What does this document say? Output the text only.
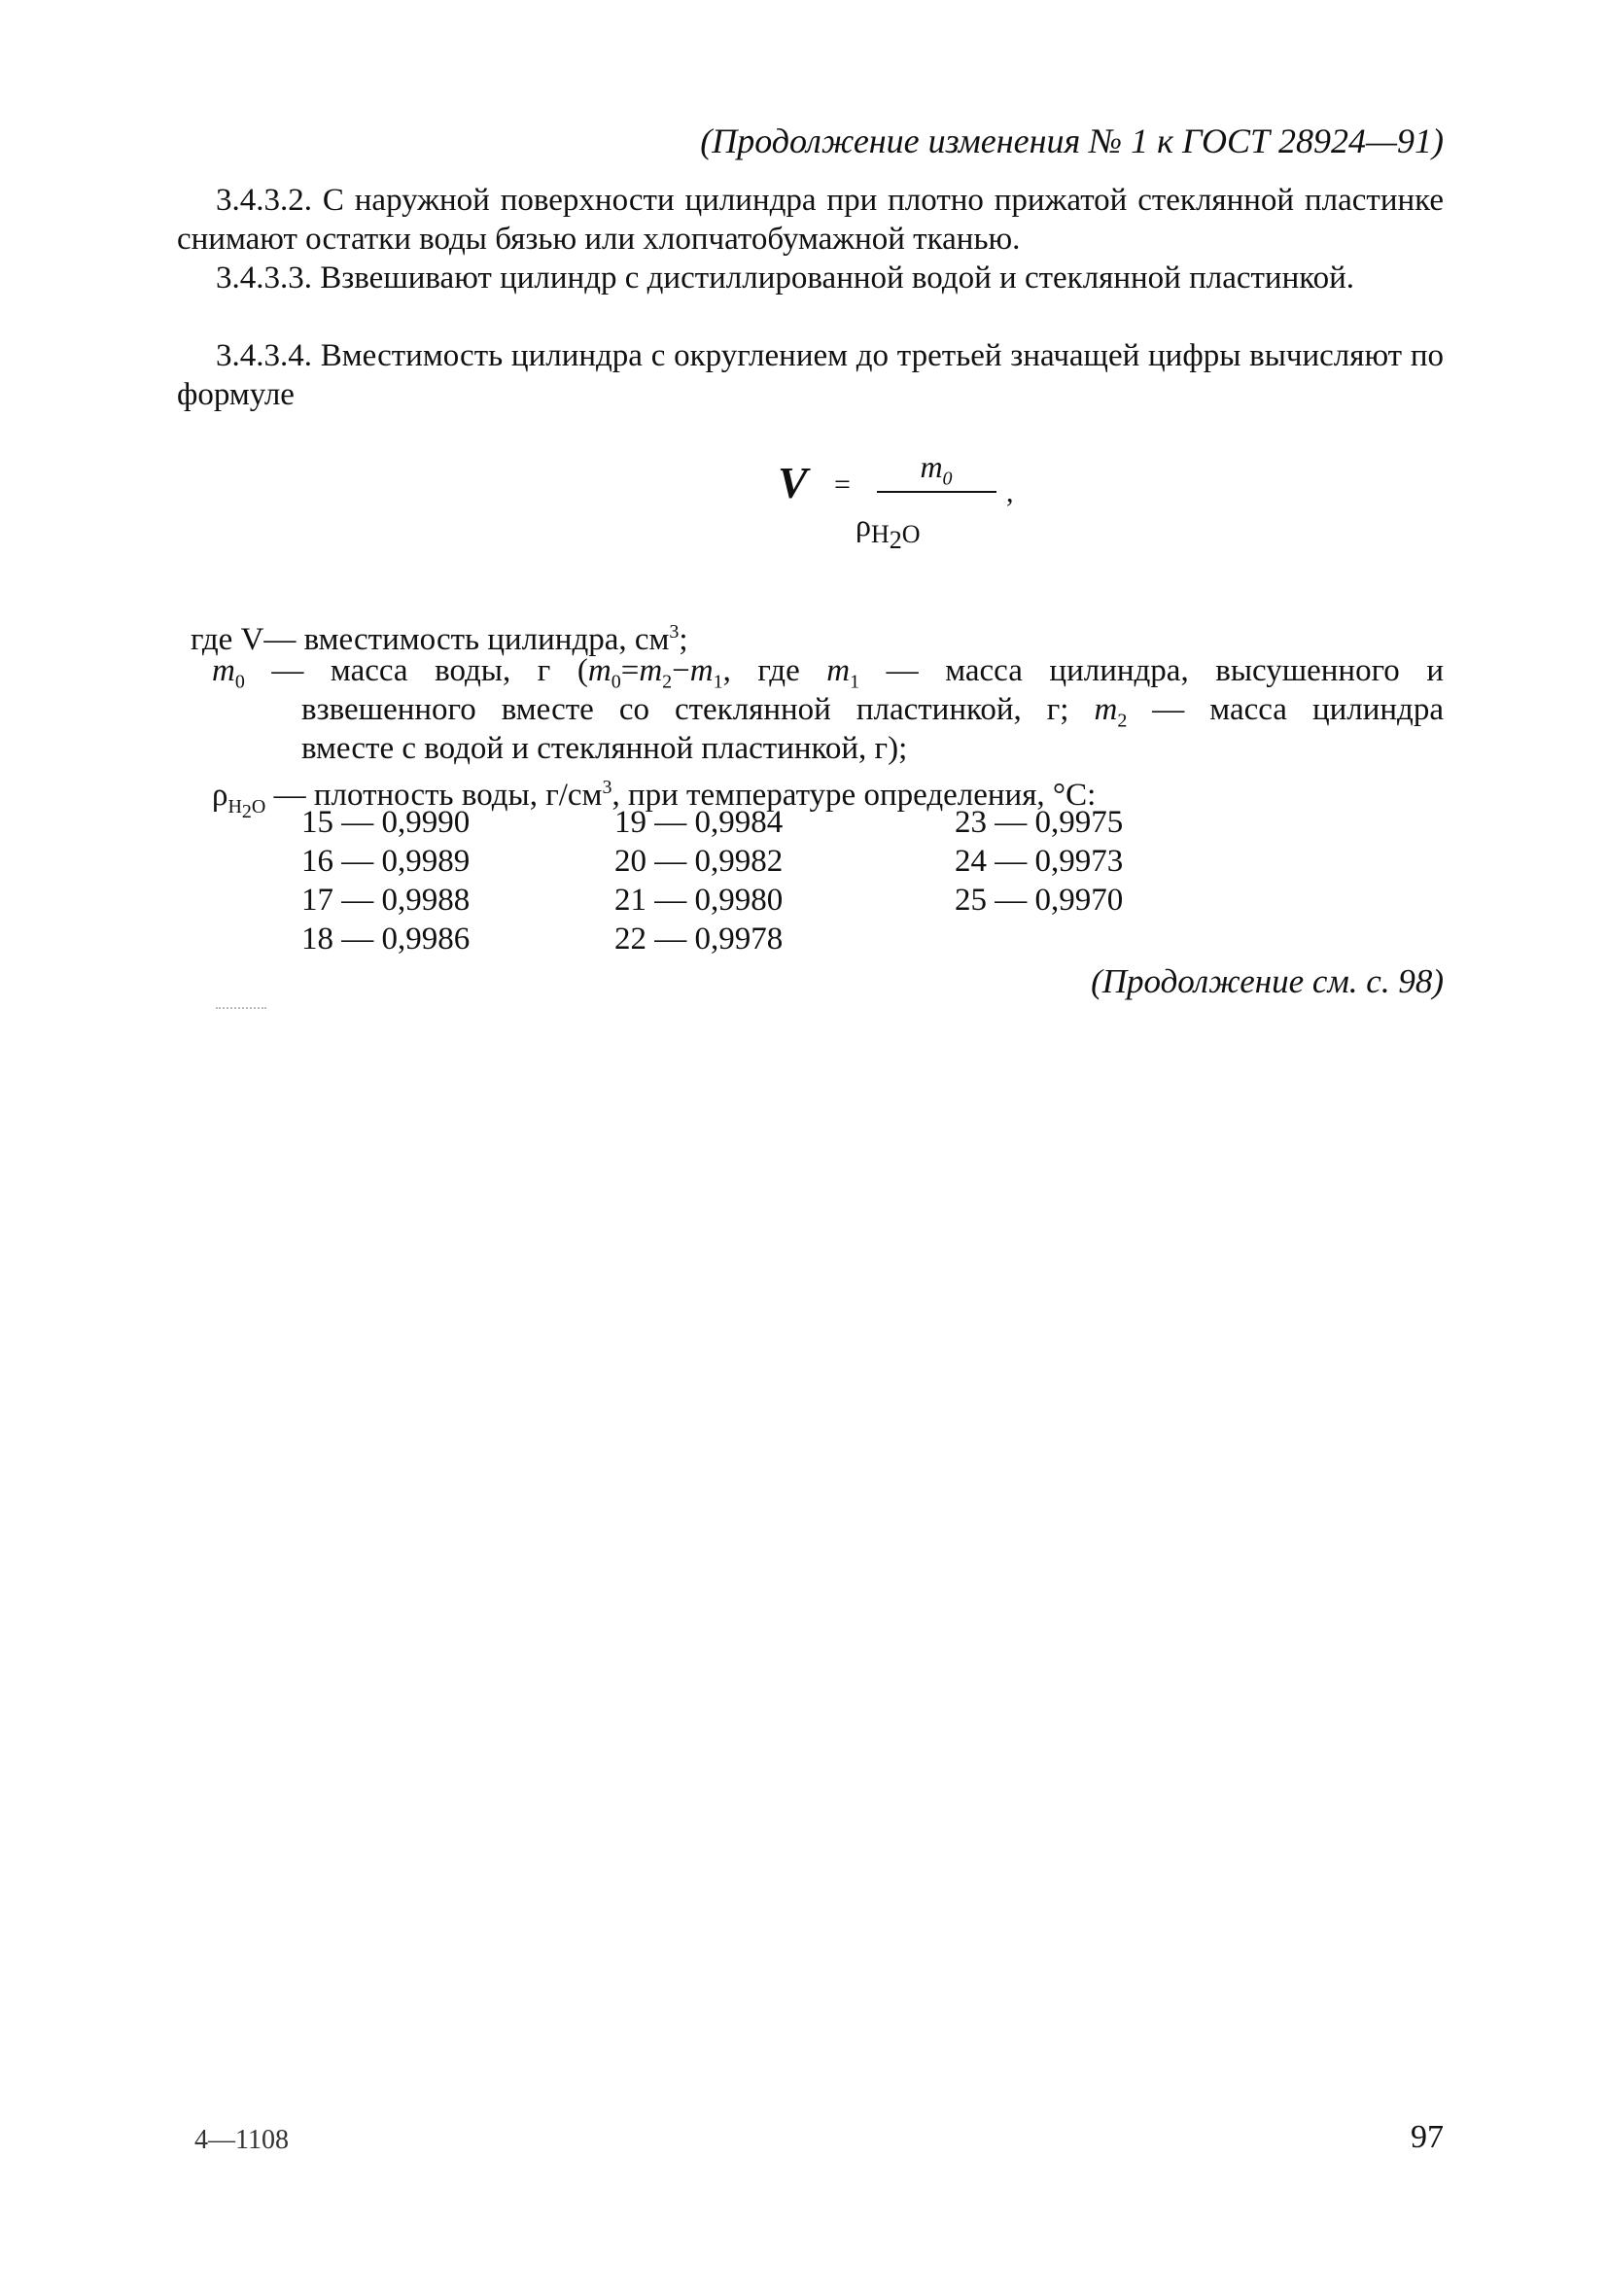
(Продолжение изменения № 1 к ГОСТ 28924—91)

3.4.3.2. С наружной поверхности цилиндра при плотно прижатой стеклянной пластинке снимают остатки воды бязью или хлопчатобумажной тканью.

3.4.3.3. Взвешивают цилиндр с дистиллированной водой и стеклянной пластинкой.

3.4.3.4. Вместимость цилиндра с округлением до третьей значащей цифры вычисляют по формуле

V =
$m_0$
$\rho_{H_2O}$
,
где V— вместимость цилиндра, $см^3$;
$m_0$ — масса воды, г ($m_0=m_2-m_1$, где $m_1$ — масса цилиндра, высушенного и
взвешенного вместе со стеклянной пластинкой, г; $m_2$ — масса цилиндра
вместе с водой и стеклянной пластинкой, г);
$\rho_{H_2O}$ — плотность воды, $г/см^3$, при температуре определения, °С:
15 — 0,9990
16 — 0,9989
17 — 0,9988
18 — 0,9986
19 — 0,9984
20 — 0,9982
21 — 0,9980
22 — 0,9978
23 — 0,9975
24 — 0,9973
25 — 0,9970
(Продолжение см. с. 98)
4—1108	97
